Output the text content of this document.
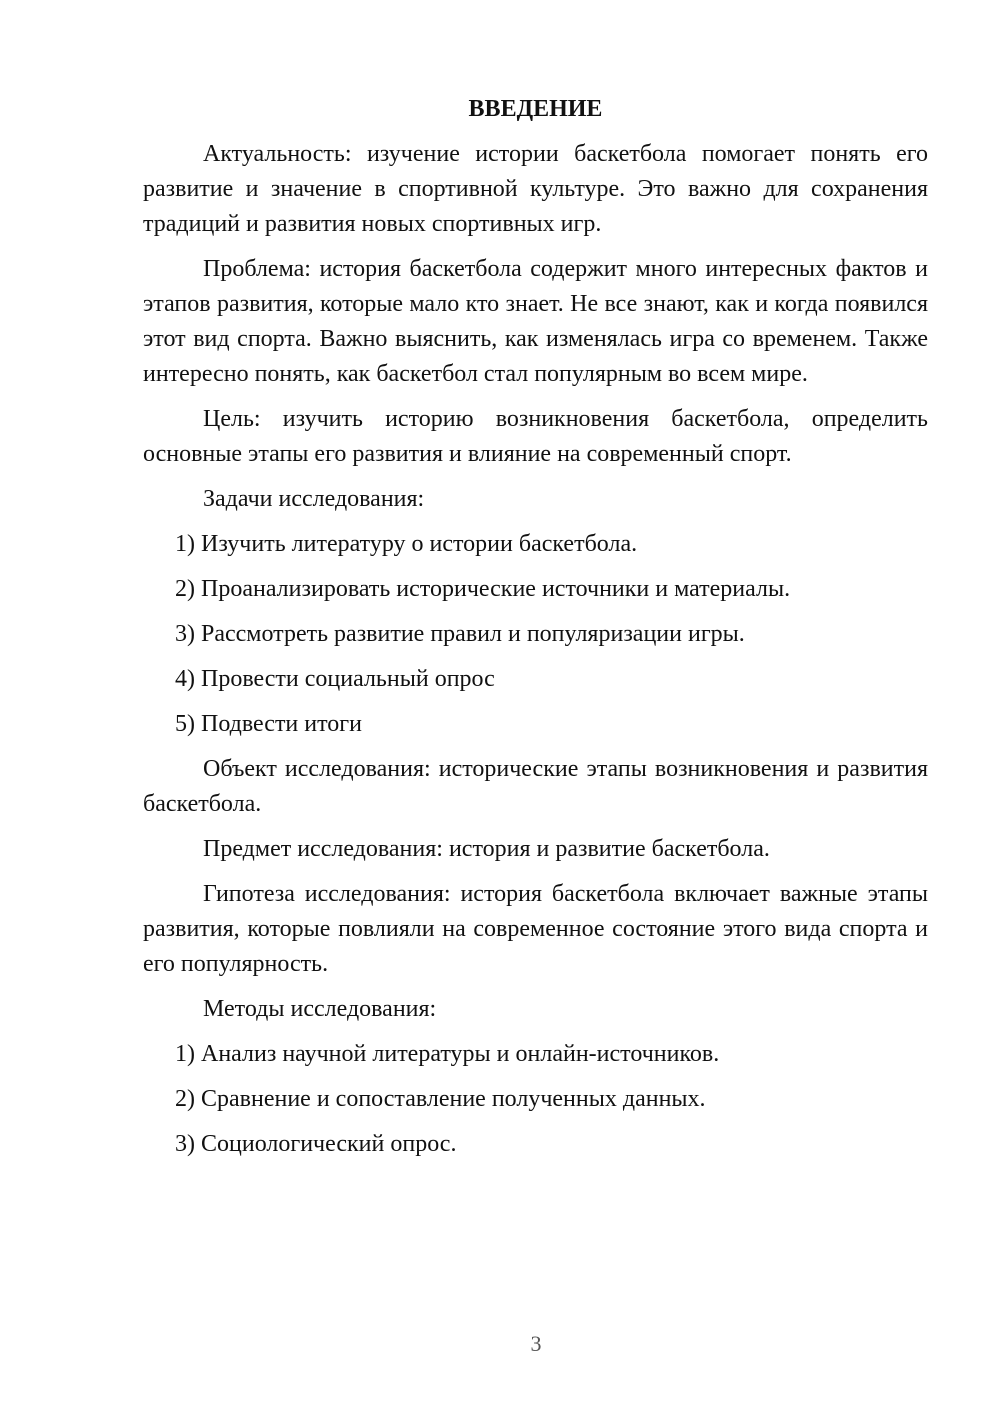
ВВЕДЕНИЕ

Актуальность: изучение истории баскетбола помогает понять его развитие и значение в спортивной культуре. Это важно для сохранения традиций и развития новых спортивных игр.

Проблема: история баскетбола содержит много интересных фактов и этапов развития, которые мало кто знает. Не все знают, как и когда появился этот вид спорта. Важно выяснить, как изменялась игра со временем. Также интересно понять, как баскетбол стал популярным во всем мире.

Цель: изучить историю возникновения баскетбола, определить основные этапы его развития и влияние на современный спорт.

Задачи исследования:

1) Изучить литературу о истории баскетбола.

2) Проанализировать исторические источники и материалы.

3) Рассмотреть развитие правил и популяризации игры.

4) Провести социальный опрос

5) Подвести итоги

Объект исследования: исторические этапы возникновения и развития баскетбола.

Предмет исследования: история и развитие баскетбола.

Гипотеза исследования: история баскетбола включает важные этапы развития, которые повлияли на современное состояние этого вида спорта и его популярность.

Методы исследования:

1) Анализ научной литературы и онлайн-источников.

2) Сравнение и сопоставление полученных данных.

3) Социологический опрос.

3
